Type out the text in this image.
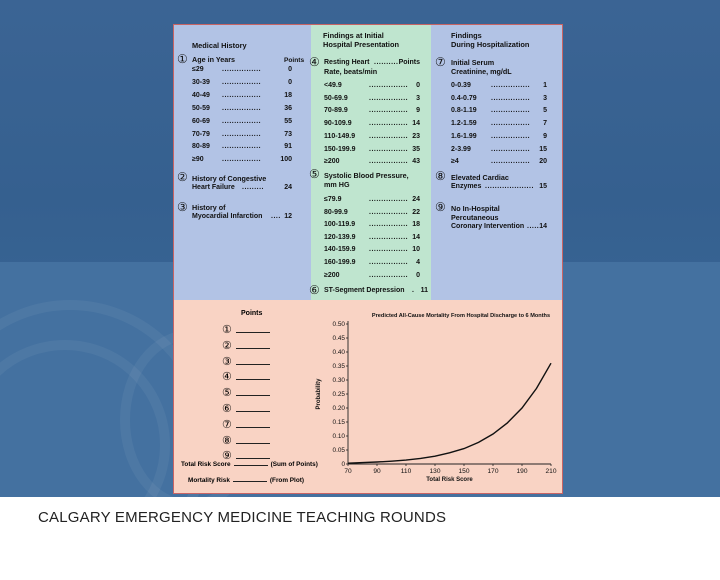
Medical History
Points
① Age in Years
≤29	................	0
30-39 ................	0
40-49 ................	18
50-59 ................	36
60-69 ................	55
70-79 ................	73
80-89 ................	91
≥90	................	100
② History of Congestive
Heart Failure .........	24
③ History of
Myocardial Infarction .... 12
Findings at Initial
Hospital Presentation
④ Resting Heart .......... Points
Rate, beats/min
<49.9	................ 0
50-69.9	................ 3
70-89.9	................ 9
90-109.9 ................ 14
110-149.9 ................ 23
150-199.9 ................ 35
≥200	................ 43
⑤ Systolic Blood Pressure,
mm HG
≤79.9	................ 24
80-99.9	................ 22
100-119.9 ................ 18
120-139.9 ................ 14
140-159.9 ................ 10
160-199.9 ................ 4
≥200	................ 0
⑥ ST-Segment Depression . 11
Findings
During Hospitalization
⑦ Initial Serum
Creatinine, mg/dL
0-0.39	................ 1
0.4-0.79 ................ 3
0.8-1.19 ................ 5
1.2-1.59 ................ 7
1.6-1.99 ................ 9
2-3.99	................ 15
≥4	................ 20
⑧ Elevated Cardiac
Enzymes .................... 15
⑨ No In-Hospital
Percutaneous
Coronary Intervention ..... 14
Points
①
②
③
④
⑤
⑥
⑦
⑧
⑨
Total Risk Score	(Sum of Points)
Mortality Risk	(From Plot)
Predicted All-Cause Mortality From Hospital Discharge to 6 Months
0
0.05
0.10
0.15
0.20
0.25
0.30
0.35
0.40
0.45
0.50
70	90	110	130	150	170	190	210
Total Risk Score
Probability
CALGARY EMERGENCY MEDICINE TEACHING ROUNDS
